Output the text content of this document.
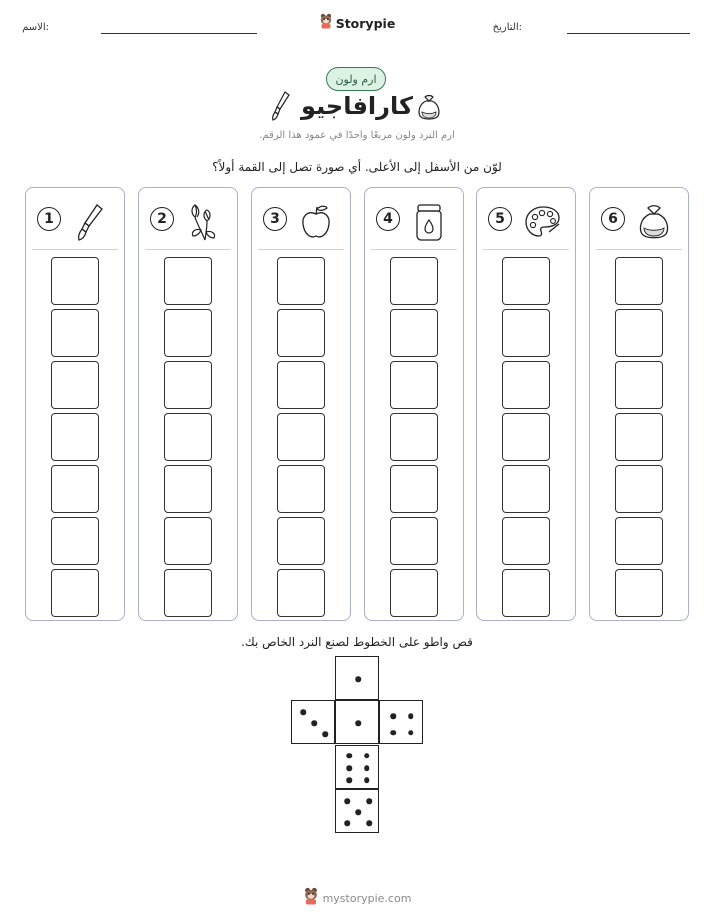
الاسم:	التاريخ:
Storypie
ارم ولون
كارافاجيو
ارم النرد ولون مربعًا واحدًا في عمود هذا الرقم.
لوّن من الأسفل إلى الأعلى. أي صورة تصل إلى القمة أولاً؟
1	2	3	4	5	6
قص واطو على الخطوط لصنع النرد الخاص بك.
mystorypie.com
